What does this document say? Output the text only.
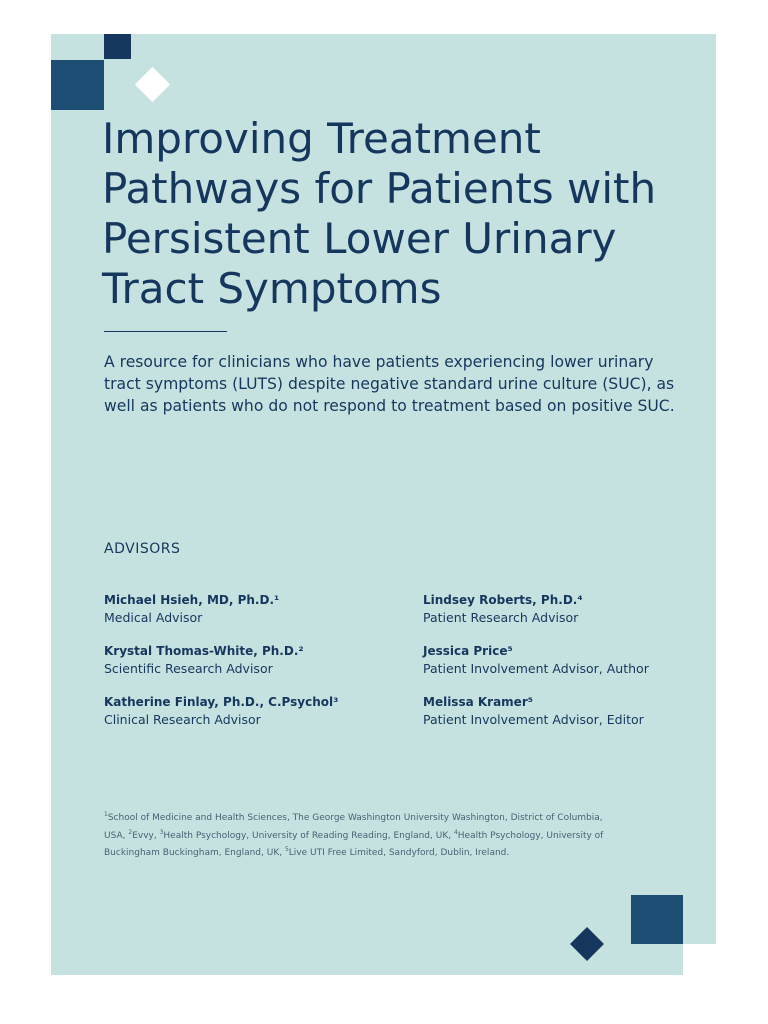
Improving Treatment Pathways for Patients with Persistent Lower Urinary Tract Symptoms

A resource for clinicians who have patients experiencing lower urinary tract symptoms (LUTS) despite negative standard urine culture (SUC), as well as patients who do not respond to treatment based on positive SUC.

ADVISORS
Michael Hsieh, MD, Ph.D.¹
Medical Advisor
Krystal Thomas-White, Ph.D.²
Scientific Research Advisor
Katherine Finlay, Ph.D., C.Psychol³
Clinical Research Advisor
Lindsey Roberts, Ph.D.⁴
Patient Research Advisor
Jessica Price⁵
Patient Involvement Advisor, Author
Melissa Kramer⁵
Patient Involvement Advisor, Editor

$^1$School of Medicine and Health Sciences, The George Washington University Washington, District of Columbia, USA, $^2$Evvy, $^3$Health Psychology, University of Reading Reading, England, UK, $^4$Health Psychology, University of Buckingham Buckingham, England, UK, $^5$Live UTI Free Limited, Sandyford, Dublin, Ireland.
